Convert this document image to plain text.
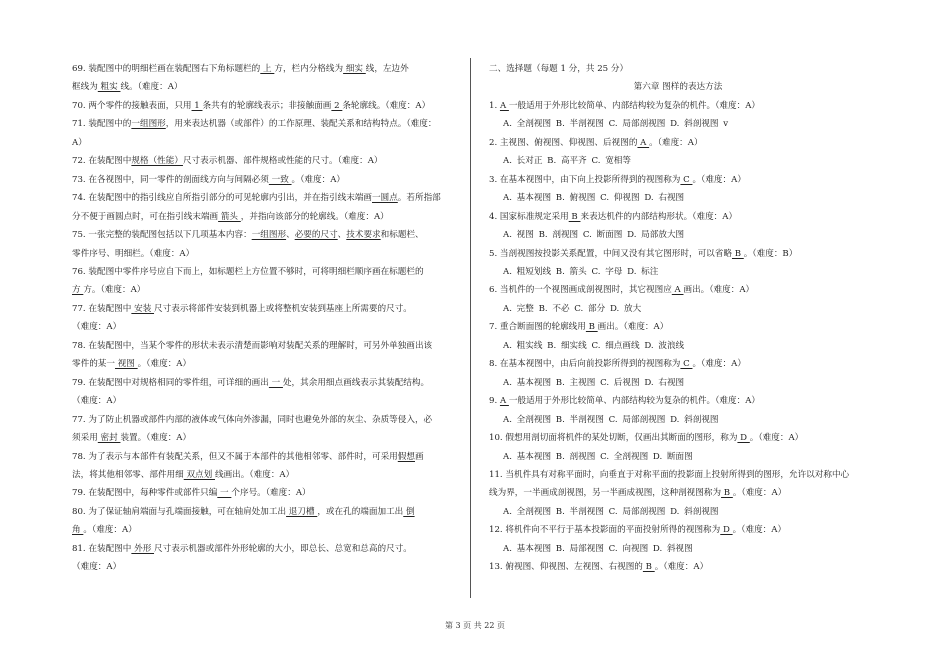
69. 装配图中的明细栏画在装配图右下角标题栏的 上 方，栏内分格线为 细实 线，左边外
框线为 粗实 线。（难度：A）
70. 两个零件的接触表面，只用 1 条共有的轮廓线表示；非接触面画 2 条轮廓线。（难度：A）
71. 装配图中的一组图形，用来表达机器（或部件）的工作原理、装配关系和结构特点。（难度：
A）
72. 在装配图中规格（性能）尺寸表示机器、部件规格或性能的尺寸。（难度：A）
73. 在各视图中，同一零件的剖面线方向与间隔必须 一致 。（难度：A）
74. 在装配图中的指引线应自所指引部分的可见轮廓内引出，并在指引线末端画一圆点。若所指部
分不便于画圆点时，可在指引线末端画 箭头 ，并指向该部分的轮廓线。（难度：A）
75. 一张完整的装配图包括以下几项基本内容：一组图形、必要的尺寸、技术要求和标题栏、
零件序号、明细栏。（难度：A）
76. 装配图中零件序号应自下而上，如标题栏上方位置不够时，可将明细栏顺序画在标题栏的
方 方。（难度：A）
77. 在装配图中 安装 尺寸表示将部件安装到机器上或将整机安装到基座上所需要的尺寸。
（难度：A）
78. 在装配图中，当某个零件的形状未表示清楚而影响对装配关系的理解时，可另外单独画出该
零件的某一 视图 。（难度：A）
79. 在装配图中对规格相同的零件组，可详细的画出 一 处，其余用细点画线表示其装配结构。
（难度：A）
77. 为了防止机器或部件内部的液体或气体向外渗漏，同时也避免外部的灰尘、杂质等侵入，必
须采用 密封 装置。（难度：A）
78. 为了表示与本部件有装配关系，但又不属于本部件的其他相邻零、部件时，可采用假想画
法，将其他相邻零、部件用细 双点划 线画出。（难度：A）
79. 在装配图中，每种零件或部件只编 一 个序号。（难度：A）
80. 为了保证轴肩端面与孔端面接触，可在轴肩处加工出 退刀槽 ，或在孔的端面加工出 倒
角 。（难度：A）
81. 在装配图中 外形 尺寸表示机器或部件外形轮廓的大小，即总长、总宽和总高的尺寸。
（难度：A）
二、选择题（每题 1 分，共 25 分）
第六章 图样的表达方法
1. A 一般适用于外形比较简单、内部结构较为复杂的机件。（难度：A）
A. 全剖视图 B. 半剖视图 C. 局部剖视图 D. 斜剖视图 v
2. 主视图、俯视图、仰视图、后视图的 A 。（难度：A）
A. 长对正 B. 高平齐 C. 宽相等
3. 在基本视图中，由下向上投影所得到的视图称为 C 。（难度：A）
A. 基本视图 B. 俯视图 C. 仰视图 D. 右视图
4. 国家标准规定采用 B 来表达机件的内部结构形状。（难度：A）
A. 视图 B. 剖视图 C. 断面图 D. 局部放大图
5. 当剖视图按投影关系配置，中间又没有其它图形时，可以省略 B 。（难度：B）
A. 粗短划线 B. 箭头 C. 字母 D. 标注
6. 当机件的一个视图画成剖视图时，其它视图应 A 画出。（难度：A）
A. 完整 B. 不必 C. 部分 D. 放大
7. 重合断面图的轮廓线用 B 画出。（难度：A）
A. 粗实线 B. 细实线 C. 细点画线 D. 波浪线
8. 在基本视图中，由后向前投影所得到的视图称为 C 。（难度：A）
A. 基本视图 B. 主视图 C. 后视图 D. 右视图
9. A 一般适用于外形比较简单、内部结构较为复杂的机件。（难度：A）
A. 全剖视图 B. 半剖视图 C. 局部剖视图 D. 斜剖视图
10. 假想用剖切面将机件的某处切断，仅画出其断面的图形，称为 D 。（难度：A）
A. 基本视图 B. 剖视图 C. 全剖视图 D. 断面图
11. 当机件具有对称平面时，向垂直于对称平面的投影面上投射所得到的图形，允许以对称中心
线为界，一半画成剖视图，另一半画成视图，这种剖视图称为 B 。（难度：A）
A. 全剖视图 B. 半剖视图 C. 局部剖视图 D. 斜剖视图
12. 将机件向不平行于基本投影面的平面投射所得的视图称为 D 。（难度：A）
A. 基本视图 B. 局部视图 C. 向视图 D. 斜视图
13. 俯视图、仰视图、左视图、右视图的 B 。（难度：A）
第 3 页 共 22 页
